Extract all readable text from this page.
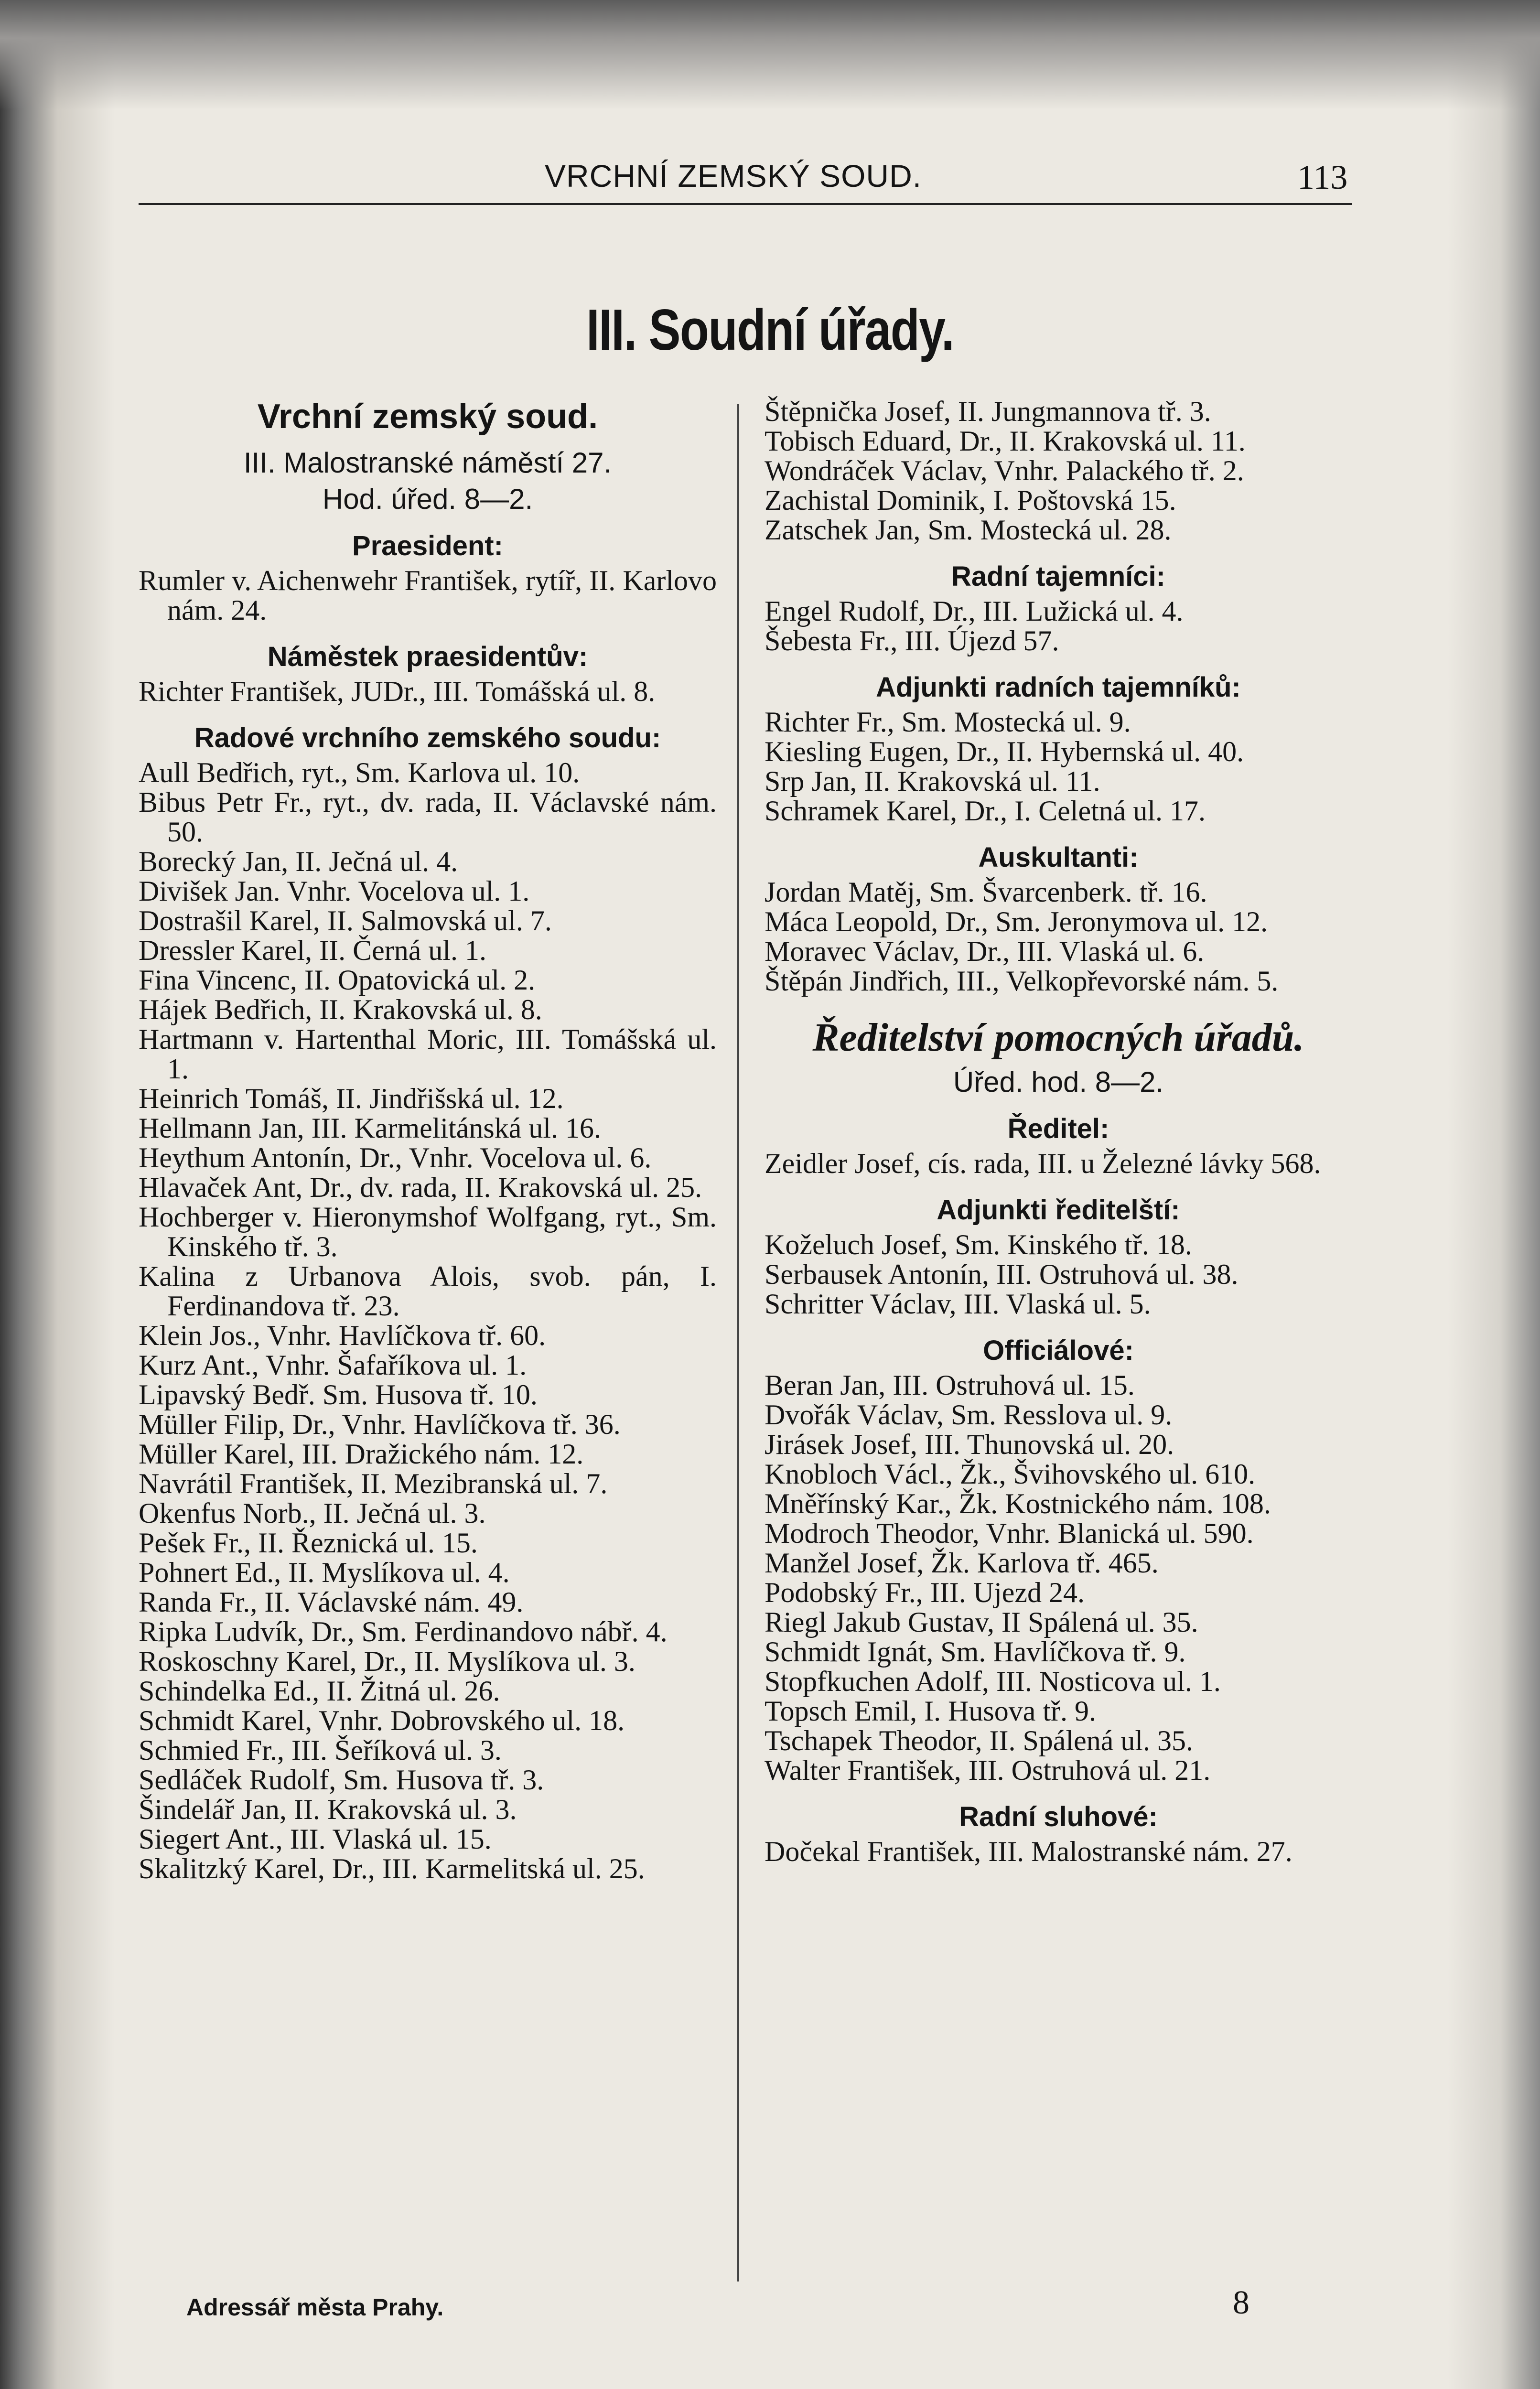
VRCHNÍ ZEMSKÝ SOUD.	113
III. Soudní úřady.
Vrchní zemský soud.
III. Malostranské náměstí 27.
Hod. úřed. 8—2.
Praesident:

Rumler v. Aichenwehr František, rytíř, II. Karlovo nám. 24.

Náměstek praesidentův:

Richter František, JUDr., III. Tomášská ul. 8.

Radové vrchního zemského soudu:

Aull Bedřich, ryt., Sm. Karlova ul. 10.

Bibus Petr Fr., ryt., dv. rada, II. Václavské nám. 50.

Borecký Jan, II. Ječná ul. 4.

Divišek Jan. Vnhr. Vocelova ul. 1.

Dostrašil Karel, II. Salmovská ul. 7.

Dressler Karel, II. Černá ul. 1.

Fina Vincenc, II. Opatovická ul. 2.

Hájek Bedřich, II. Krakovská ul. 8.

Hartmann v. Hartenthal Moric, III. Tomášská ul. 1.

Heinrich Tomáš, II. Jindřišská ul. 12.

Hellmann Jan, III. Karmelitánská ul. 16.

Heythum Antonín, Dr., Vnhr. Vocelova ul. 6.

Hlavaček Ant, Dr., dv. rada, II. Krakovská ul. 25.

Hochberger v. Hieronymshof Wolfgang, ryt., Sm. Kinského tř. 3.

Kalina z Urbanova Alois, svob. pán, I. Ferdinandova tř. 23.

Klein Jos., Vnhr. Havlíčkova tř. 60.

Kurz Ant., Vnhr. Šafaříkova ul. 1.

Lipavský Bedř. Sm. Husova tř. 10.

Müller Filip, Dr., Vnhr. Havlíčkova tř. 36.

Müller Karel, III. Dražického nám. 12.

Navrátil František, II. Mezibranská ul. 7.

Okenfus Norb., II. Ječná ul. 3.

Pešek Fr., II. Řeznická ul. 15.

Pohnert Ed., II. Myslíkova ul. 4.

Randa Fr., II. Václavské nám. 49.

Ripka Ludvík, Dr., Sm. Ferdinandovo nábř. 4.

Roskoschny Karel, Dr., II. Myslíkova ul. 3.

Schindelka Ed., II. Žitná ul. 26.

Schmidt Karel, Vnhr. Dobrovského ul. 18.

Schmied Fr., III. Šeříková ul. 3.

Sedláček Rudolf, Sm. Husova tř. 3.

Šindelář Jan, II. Krakovská ul. 3.

Siegert Ant., III. Vlaská ul. 15.

Skalitzký Karel, Dr., III. Karmelitská ul. 25.

Štěpnička Josef, II. Jungmannova tř. 3.

Tobisch Eduard, Dr., II. Krakovská ul. 11.

Wondráček Václav, Vnhr. Palackého tř. 2.

Zachistal Dominik, I. Poštovská 15.

Zatschek Jan, Sm. Mostecká ul. 28.

Radní tajemníci:

Engel Rudolf, Dr., III. Lužická ul. 4.

Šebesta Fr., III. Újezd 57.

Adjunkti radních tajemníků:

Richter Fr., Sm. Mostecká ul. 9.

Kiesling Eugen, Dr., II. Hybernská ul. 40.

Srp Jan, II. Krakovská ul. 11.

Schramek Karel, Dr., I. Celetná ul. 17.

Auskultanti:

Jordan Matěj, Sm. Švarcenberk. tř. 16.

Máca Leopold, Dr., Sm. Jeronymova ul. 12.

Moravec Václav, Dr., III. Vlaská ul. 6.

Štěpán Jindřich, III., Velkopřevorské nám. 5.

Ředitelství pomocných úřadů.
Úřed. hod. 8—2.
Ředitel:

Zeidler Josef, cís. rada, III. u Železné lávky 568.

Adjunkti ředitelští:

Koželuch Josef, Sm. Kinského tř. 18.

Serbausek Antonín, III. Ostruhová ul. 38.

Schritter Václav, III. Vlaská ul. 5.

Officiálové:

Beran Jan, III. Ostruhová ul. 15.

Dvořák Václav, Sm. Resslova ul. 9.

Jirásek Josef, III. Thunovská ul. 20.

Knobloch Václ., Žk., Švihovského ul. 610.

Mněřínský Kar., Žk. Kostnického nám. 108.

Modroch Theodor, Vnhr. Blanická ul. 590.

Manžel Josef, Žk. Karlova tř. 465.

Podobský Fr., III. Ujezd 24.

Riegl Jakub Gustav, II Spálená ul. 35.

Schmidt Ignát, Sm. Havlíčkova tř. 9.

Stopfkuchen Adolf, III. Nosticova ul. 1.

Topsch Emil, I. Husova tř. 9.

Tschapek Theodor, II. Spálená ul. 35.

Walter František, III. Ostruhová ul. 21.

Radní sluhové:

Dočekal František, III. Malostranské nám. 27.

Adressář města Prahy.	8
